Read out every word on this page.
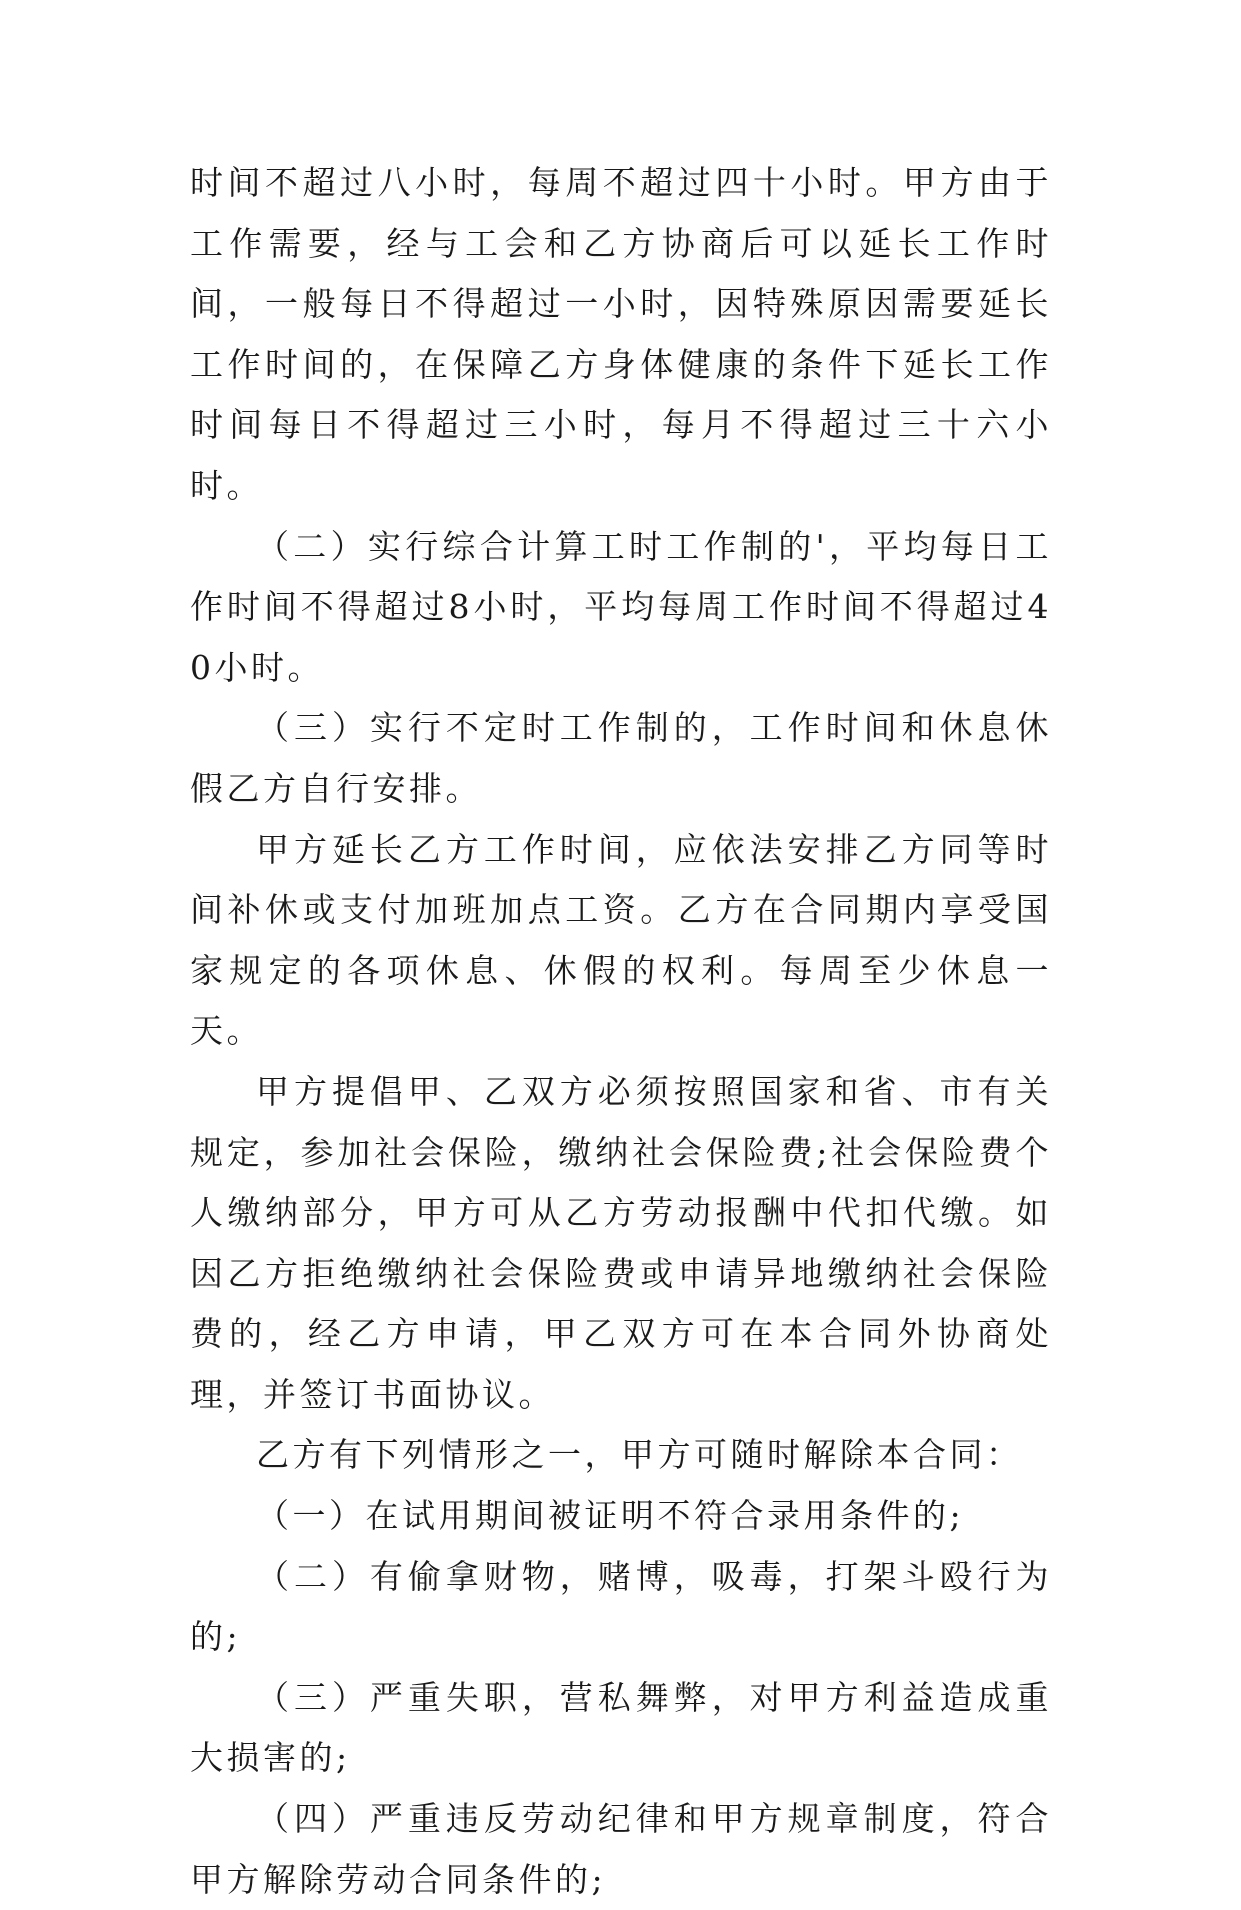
时间不超过八小时，每周不超过四十小时。甲方由于工作需要，经与工会和乙方协商后可以延长工作时间，一般每日不得超过一小时，因特殊原因需要延长工作时间的，在保障乙方身体健康的条件下延长工作时间每日不得超过三小时，每月不得超过三十六小时。

（二）实行综合计算工时工作制的'，平均每日工作时间不得超过8小时，平均每周工作时间不得超过40小时。

（三）实行不定时工作制的，工作时间和休息休假乙方自行安排。

甲方延长乙方工作时间，应依法安排乙方同等时间补休或支付加班加点工资。乙方在合同期内享受国家规定的各项休息、休假的权利。每周至少休息一天。

甲方提倡甲、乙双方必须按照国家和省、市有关规定，参加社会保险，缴纳社会保险费;社会保险费个人缴纳部分，甲方可从乙方劳动报酬中代扣代缴。如因乙方拒绝缴纳社会保险费或申请异地缴纳社会保险费的，经乙方申请，甲乙双方可在本合同外协商处理，并签订书面协议。

乙方有下列情形之一，甲方可随时解除本合同：

（一）在试用期间被证明不符合录用条件的;

（二）有偷拿财物，赌博，吸毒，打架斗殴行为的;

（三）严重失职，营私舞弊，对甲方利益造成重大损害的;

（四）严重违反劳动纪律和甲方规章制度，符合甲方解除劳动合同条件的;
